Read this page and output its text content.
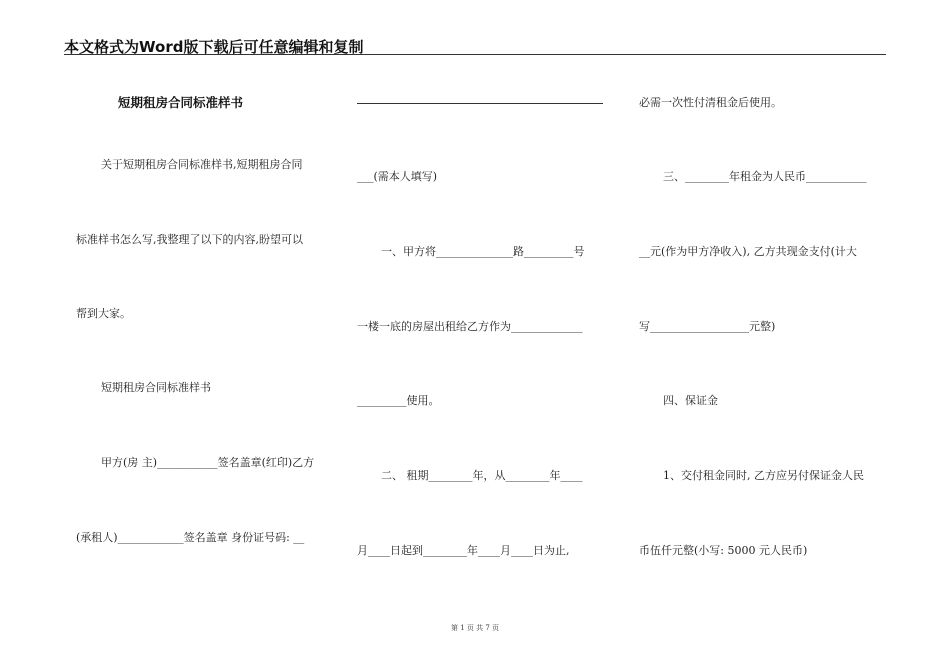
本文格式为Word版下载后可任意编辑和复制
短期租房合同标准样书
关于短期租房合同标准样书,短期租房合同
标准样书怎么写,我整理了以下的内容,盼望可以
帮到大家。
短期租房合同标准样书
甲方(房 主)___________签名盖章(红印)乙方
(承租人)____________签名盖章 身份证号码: __
___(需本人填写)
一、甲方将______________路_________号
一楼一底的房屋出租给乙方作为_____________
_________使用。
二、 租期________年，从________年____
月____日起到________年____月____日为止,
必需一次性付清租金后使用。
三、________年租金为人民币___________
__元(作为甲方净收入), 乙方共现金支付(计大
写__________________元整)
四、保证金
1、交付租金同时, 乙方应另付保证金人民
币伍仟元整(小写: 5000 元人民币)
第 1 页 共 7 页
